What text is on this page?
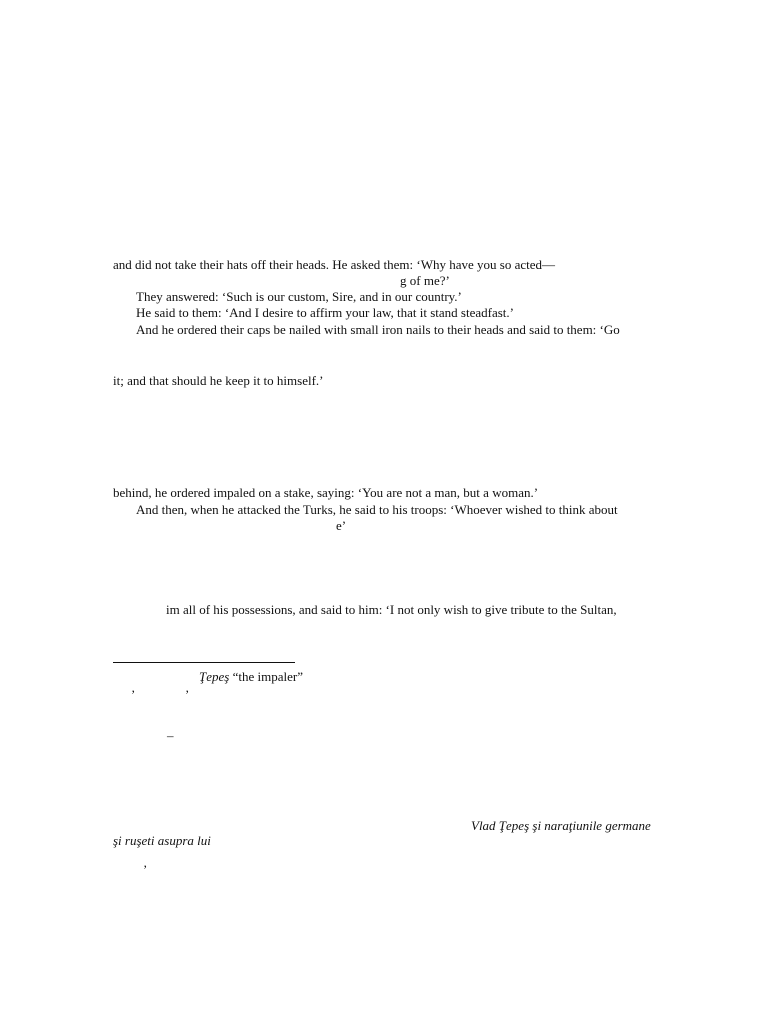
and did not take their hats off their heads. He asked them: ‘Why have you so acted—

g of me?’

They answered: ‘Such is our custom, Sire, and in our country.’

He said to them: ‘And I desire to affirm your law, that it stand steadfast.’

And he ordered their caps be nailed with small iron nails to their heads and said to them: ‘Go

it; and that should he keep it to himself.’

behind, he ordered impaled on a stake, saying: ‘You are not a man, but a woman.’

And then, when he attacked the Turks, he said to his troops: ‘Whoever wished to think about

e’

im all of his possessions, and said to him: ‘I not only wish to give tribute to the Sultan,

Ţepeş “the impaler”

‚	‚

–

Vlad Ţepeş şi naraţiunile germane

şi ruşeti asupra lui

‚
